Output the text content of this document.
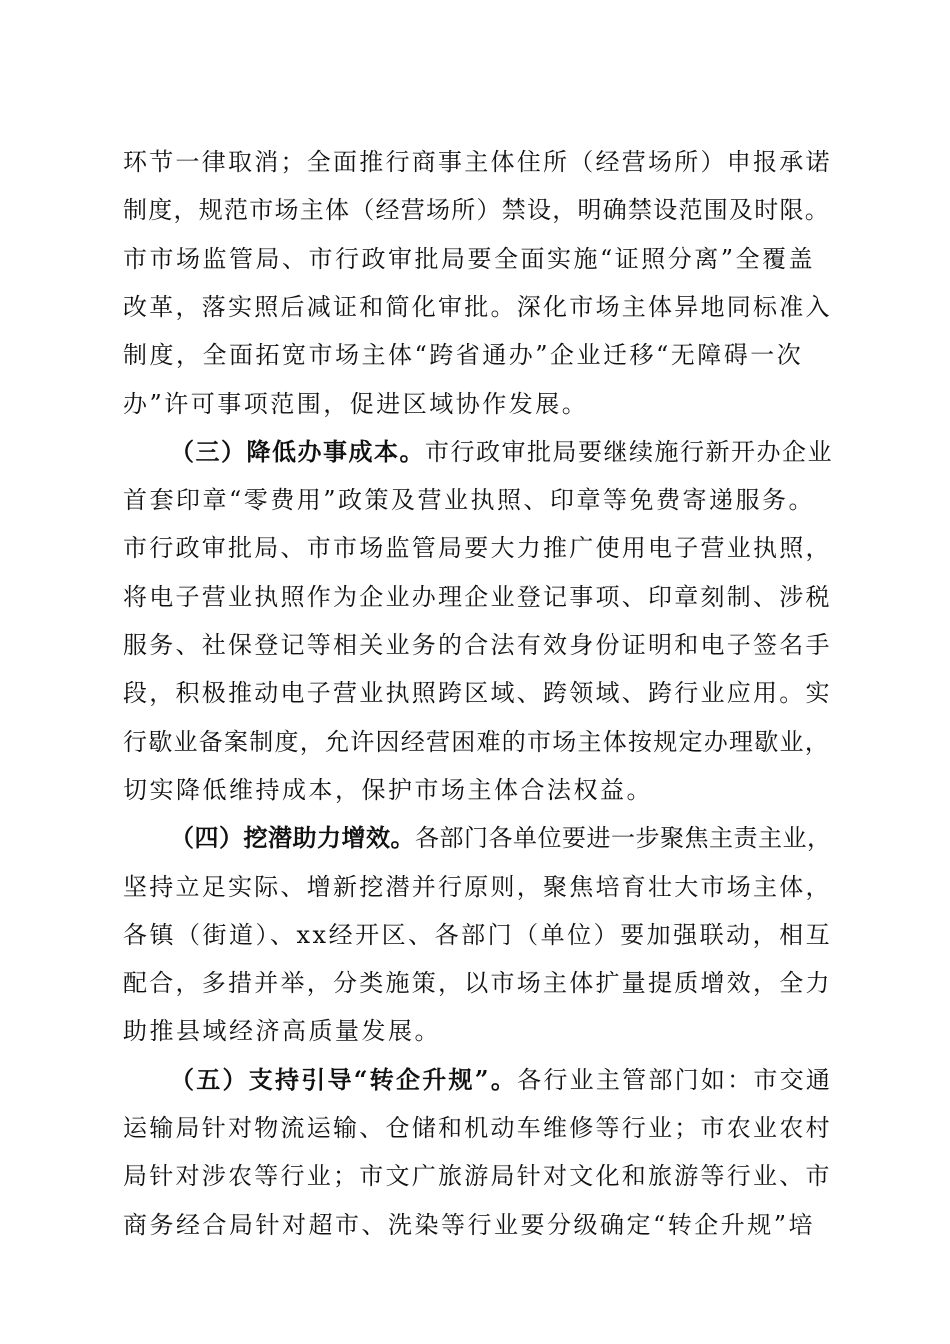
环节一律取消；全面推行商事主体住所（经营场所）申报承诺
制度，规范市场主体（经营场所）禁设，明确禁设范围及时限。
市市场监管局、市行政审批局要全面实施“证照分离”全覆盖
改革，落实照后减证和简化审批。深化市场主体异地同标准入
制度，全面拓宽市场主体“跨省通办”企业迁移“无障碍一次
办”许可事项范围，促进区域协作发展。
（三）降低办事成本。市行政审批局要继续施行新开办企业
首套印章“零费用”政策及营业执照、印章等免费寄递服务。
市行政审批局、市市场监管局要大力推广使用电子营业执照，
将电子营业执照作为企业办理企业登记事项、印章刻制、涉税
服务、社保登记等相关业务的合法有效身份证明和电子签名手
段，积极推动电子营业执照跨区域、跨领域、跨行业应用。实
行歇业备案制度，允许因经营困难的市场主体按规定办理歇业，
切实降低维持成本，保护市场主体合法权益。
（四）挖潜助力增效。各部门各单位要进一步聚焦主责主业，
坚持立足实际、增新挖潜并行原则，聚焦培育壮大市场主体，
各镇（街道）、xx经开区、各部门（单位）要加强联动，相互
配合，多措并举，分类施策，以市场主体扩量提质增效，全力
助推县域经济高质量发展。
（五）支持引导“转企升规”。各行业主管部门如：市交通
运输局针对物流运输、仓储和机动车维修等行业；市农业农村
局针对涉农等行业；市文广旅游局针对文化和旅游等行业、市
商务经合局针对超市、洗染等行业要分级确定“转企升规”培
